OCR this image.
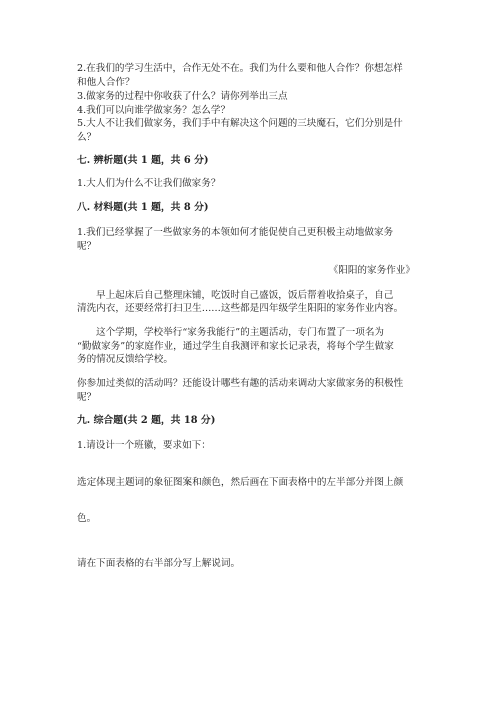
2.在我们的学习生活中，合作无处不在。我们为什么要和他人合作？你想怎样
和他人合作？
3.做家务的过程中你收获了什么？请你列举出三点
4.我们可以向谁学做家务？怎么学？
5.大人不让我们做家务，我们手中有解决这个问题的三块魔石，它们分别是什
么？
七. 辨析题(共 1 题，共 6 分)
1.大人们为什么不让我们做家务？
八. 材料题(共 1 题，共 8 分)
1.我们已经掌握了一些做家务的本领如何才能促使自己更积极主动地做家务
呢？
《阳阳的家务作业》
早上起床后自己整理床铺，吃饭时自己盛饭，饭后帮着收拾桌子，自己
清洗内衣，还要经常打扫卫生……这些都是四年级学生阳阳的家务作业内容。
这个学期，学校举行“家务我能行”的主题活动，专门布置了一项名为
“勤做家务”的家庭作业，通过学生自我测评和家长记录表，将每个学生做家
务的情况反馈给学校。
你参加过类似的活动吗？还能设计哪些有趣的活动来调动大家做家务的积极性
呢？
九. 综合题(共 2 题，共 18 分)
1.请设计一个班徽，要求如下：
选定体现主题词的象征图案和颜色，然后画在下面表格中的左半部分并图上颜
色。
请在下面表格的右半部分写上解说词。
